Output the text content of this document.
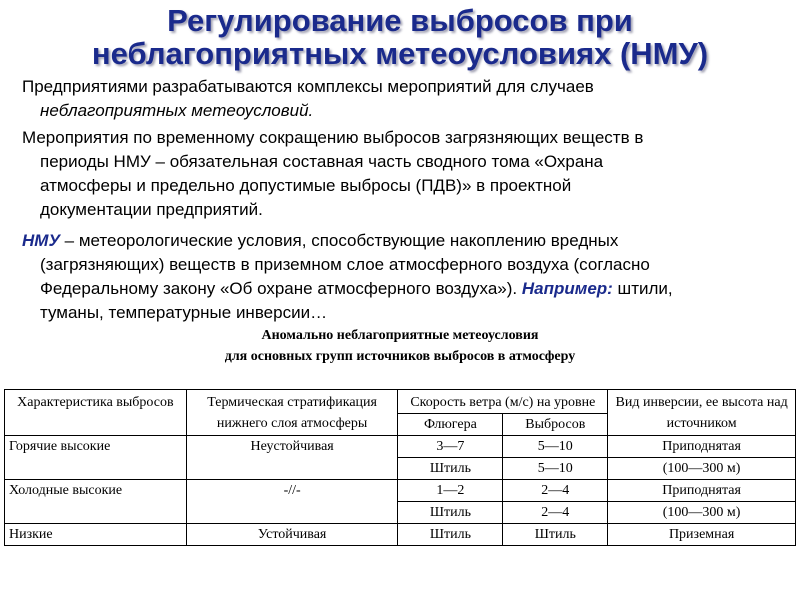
Регулирование выбросов при
неблагоприятных метеоусловиях (НМУ)
Предприятиями разрабатываются комплексы мероприятий для случаев
неблагоприятных метеоусловий.
Мероприятия по временному сокращению выбросов загрязняющих веществ в
периоды НМУ – обязательная составная часть сводного тома «Охрана
атмосферы и предельно допустимые выбросы (ПДВ)» в проектной
документации предприятий.
НМУ – метеорологические условия, способствующие накоплению вредных
(загрязняющих) веществ в приземном слое атмосферного воздуха (согласно
Федеральному закону «Об охране атмосферного воздуха»). Например: штили,
туманы, температурные инверсии…
Аномально неблагоприятные метеоусловия
для основных групп источников выбросов в атмосферу
Характеристика выбросов	Термическая стратификация нижнего слоя атмосферы	Скорость ветра (м/с) на уровне		Вид инверсии, ее высота над источником
		Флюгера	Выбросов	
Горячие высокие	Неустойчивая	3—7	5—10	Приподнятая
		Штиль	5—10	(100—300 м)
Холодные высокие	-//-	1—2	2—4	Приподнятая
		Штиль	2—4	(100—300 м)
Низкие	Устойчивая	Штиль	Штиль	Приземная
